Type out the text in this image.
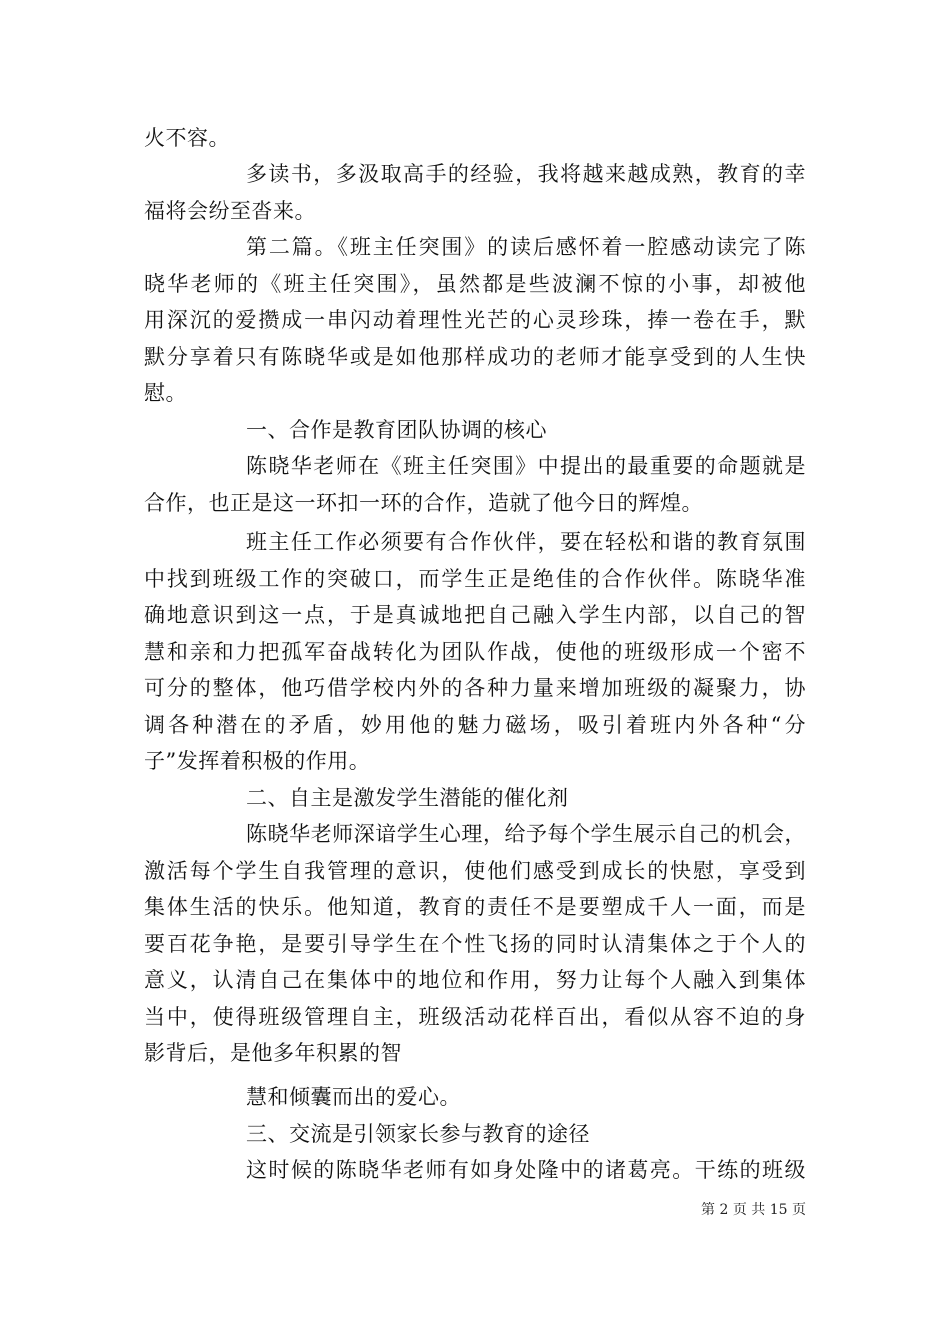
火不容。
多读书，多汲取高手的经验，我将越来越成熟，教育的幸
福将会纷至沓来。
第二篇。《班主任突围》的读后感怀着一腔感动读完了陈
晓华老师的《班主任突围》，虽然都是些波澜不惊的小事，却被他
用深沉的爱攒成一串闪动着理性光芒的心灵珍珠，捧一卷在手，默
默分享着只有陈晓华或是如他那样成功的老师才能享受到的人生快
慰。
一、合作是教育团队协调的核心
陈晓华老师在《班主任突围》中提出的最重要的命题就是
合作，也正是这一环扣一环的合作，造就了他今日的辉煌。
班主任工作必须要有合作伙伴，要在轻松和谐的教育氛围
中找到班级工作的突破口，而学生正是绝佳的合作伙伴。陈晓华准
确地意识到这一点，于是真诚地把自己融入学生内部，以自己的智
慧和亲和力把孤军奋战转化为团队作战，使他的班级形成一个密不
可分的整体，他巧借学校内外的各种力量来增加班级的凝聚力，协
调各种潜在的矛盾，妙用他的魅力磁场，吸引着班内外各种“分
子”发挥着积极的作用。
二、自主是激发学生潜能的催化剂
陈晓华老师深谙学生心理，给予每个学生展示自己的机会，
激活每个学生自我管理的意识，使他们感受到成长的快慰，享受到
集体生活的快乐。他知道，教育的责任不是要塑成千人一面，而是
要百花争艳，是要引导学生在个性飞扬的同时认清集体之于个人的
意义，认清自己在集体中的地位和作用，努力让每个人融入到集体
当中，使得班级管理自主，班级活动花样百出，看似从容不迫的身
影背后，是他多年积累的智
慧和倾囊而出的爱心。
三、交流是引领家长参与教育的途径
这时候的陈晓华老师有如身处隆中的诸葛亮。干练的班级
第 2 页 共 15 页
